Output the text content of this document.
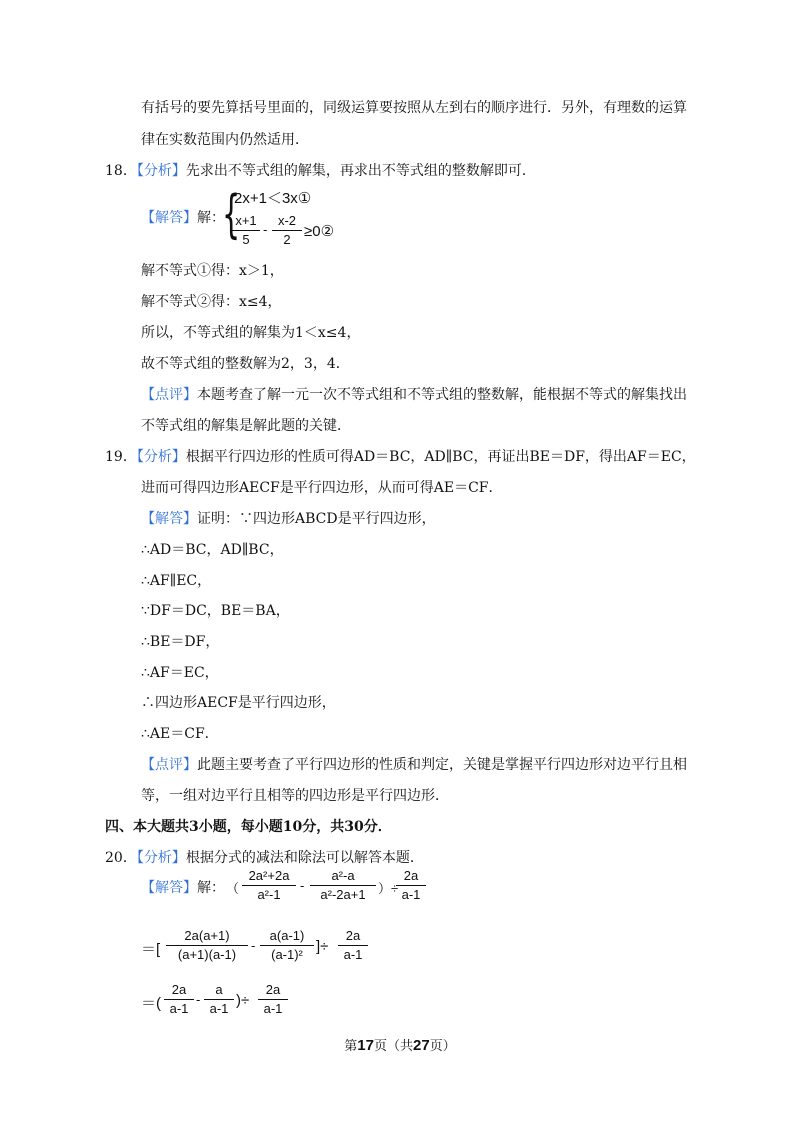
有括号的要先算括号里面的，同级运算要按照从左到右的顺序进行．另外，有理数的运算
律在实数范围内仍然适用．
18．【分析】先求出不等式组的解集，再求出不等式组的整数解即可．
【解答】解：
{
2x+1＜3x①
x+1
5
-
x-2
2 ≥0②
解不等式①得：x＞1，
解不等式②得：x≤4，
所以，不等式组的解集为1＜x≤4，
故不等式组的整数解为2，3，4．
【点评】本题考查了解一元一次不等式组和不等式组的整数解，能根据不等式的解集找出
不等式组的解集是解此题的关键．
19．【分析】根据平行四边形的性质可得AD＝BC，AD∥BC，再证出BE＝DF，得出AF＝EC，
进而可得四边形AECF是平行四边形，从而可得AE＝CF．
【解答】证明：∵四边形ABCD是平行四边形，
∴AD＝BC，AD∥BC，
∴AF∥EC，
∵DF＝DC，BE＝BA，
∴BE＝DF，
∴AF＝EC，
∴四边形AECF是平行四边形，
∴AE＝CF．
【点评】此题主要考查了平行四边形的性质和判定，关键是掌握平行四边形对边平行且相
等，一组对边平行且相等的四边形是平行四边形．
四、本大题共3小题，每小题10分，共30分．
20．【分析】根据分式的减法和除法可以解答本题．
【解答】解： （
2a²+2a
a²-1
-
a²-a
a²-2a+1 ）÷
2a
a-1
＝[
2a(a+1)
(a+1)(a-1)
-
a(a-1)
(a-1)² ]÷
2a
a-1
＝(
2a
a-1
-
a
a-1 )÷
2a
a-1
第17页（共27页）
